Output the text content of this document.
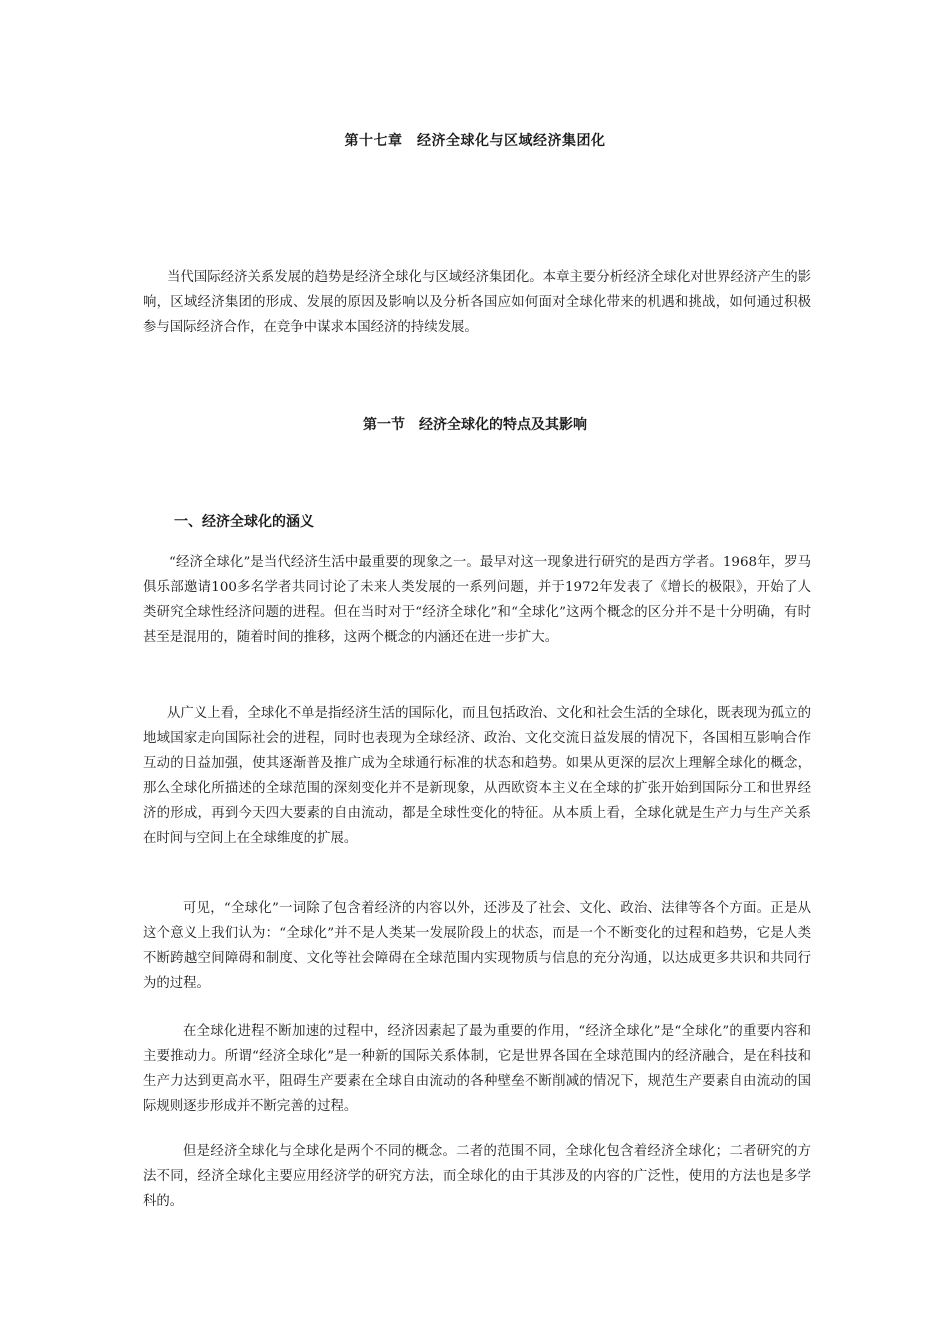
第十七章　经济全球化与区域经济集团化

当代国际经济关系发展的趋势是经济全球化与区域经济集团化。本章主要分析经济全球化对世界经济产生的影响，区域经济集团的形成、发展的原因及影响以及分析各国应如何面对全球化带来的机遇和挑战，如何通过积极参与国际经济合作，在竞争中谋求本国经济的持续发展。

第一节　经济全球化的特点及其影响
一、经济全球化的涵义

“经济全球化”是当代经济生活中最重要的现象之一。最早对这一现象进行研究的是西方学者。1968年，罗马俱乐部邀请100多名学者共同讨论了未来人类发展的一系列问题，并于1972年发表了《增长的极限》，开始了人类研究全球性经济问题的进程。但在当时对于“经济全球化”和“全球化”这两个概念的区分并不是十分明确，有时甚至是混用的，随着时间的推移，这两个概念的内涵还在进一步扩大。

从广义上看，全球化不单是指经济生活的国际化，而且包括政治、文化和社会生活的全球化，既表现为孤立的地域国家走向国际社会的进程，同时也表现为全球经济、政治、文化交流日益发展的情况下，各国相互影响合作互动的日益加强，使其逐渐普及推广成为全球通行标准的状态和趋势。如果从更深的层次上理解全球化的概念，那么全球化所描述的全球范围的深刻变化并不是新现象，从西欧资本主义在全球的扩张开始到国际分工和世界经济的形成，再到今天四大要素的自由流动，都是全球性变化的特征。从本质上看，全球化就是生产力与生产关系在时间与空间上在全球维度的扩展。

可见，“全球化”一词除了包含着经济的内容以外，还涉及了社会、文化、政治、法律等各个方面。正是从这个意义上我们认为：“全球化”并不是人类某一发展阶段上的状态，而是一个不断变化的过程和趋势，它是人类不断跨越空间障碍和制度、文化等社会障碍在全球范围内实现物质与信息的充分沟通，以达成更多共识和共同行为的过程。

在全球化进程不断加速的过程中，经济因素起了最为重要的作用，“经济全球化”是“全球化”的重要内容和主要推动力。所谓“经济全球化”是一种新的国际关系体制，它是世界各国在全球范围内的经济融合，是在科技和生产力达到更高水平，阻碍生产要素在全球自由流动的各种壁垒不断削减的情况下，规范生产要素自由流动的国际规则逐步形成并不断完善的过程。

但是经济全球化与全球化是两个不同的概念。二者的范围不同，全球化包含着经济全球化；二者研究的方法不同，经济全球化主要应用经济学的研究方法，而全球化的由于其涉及的内容的广泛性，使用的方法也是多学科的。
